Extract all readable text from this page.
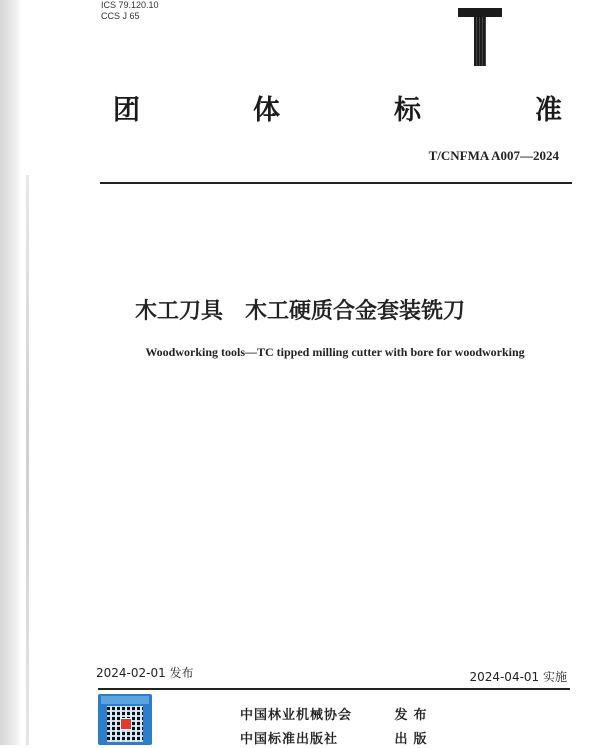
ICS 79.120.10
CCS J 65
团	体	标	准
T/CNFMA A007—2024
木工刀具　木工硬质合金套装铣刀
Woodworking tools—TC tipped milling cutter with bore for woodworking
2024-02-01 发布	2024-04-01 实施
中国林业机械协会	发布
中国标准出版社	出版
